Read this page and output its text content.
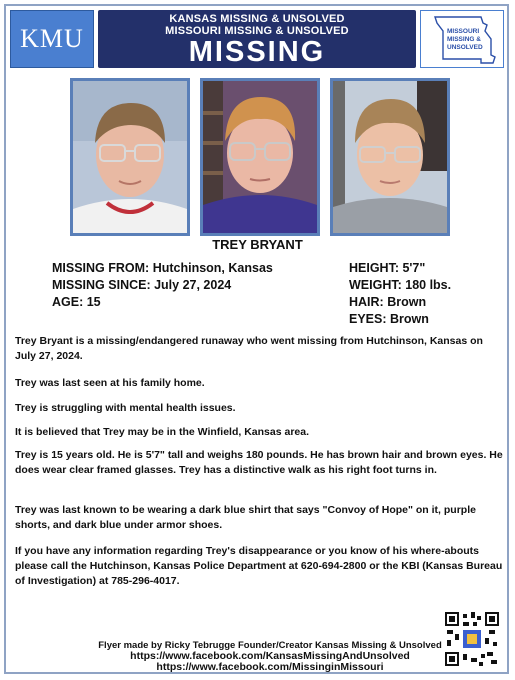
KMU
KANSAS MISSING & UNSOLVED
MISSOURI MISSING & UNSOLVED
MISSING
MISSOURI
MISSING &
UNSOLVED
TREY BRYANT
MISSING FROM: Hutchinson, Kansas
MISSING SINCE: July 27, 2024
AGE: 15
HEIGHT: 5'7"
WEIGHT: 180 lbs.
HAIR: Brown
EYES: Brown
Trey Bryant is a missing/endangered runaway who went missing from Hutchinson, Kansas on July 27, 2024.
Trey was last seen at his family home.
Trey is struggling with mental health issues.
It is believed that Trey may be in the Winfield, Kansas area.
Trey is 15 years old. He is 5'7" tall and weighs 180 pounds. He has brown hair and brown eyes. He does wear clear framed glasses. Trey has a distinctive walk as his right foot turns in.
Trey was last known to be wearing a dark blue shirt that says "Convoy of Hope" on it, purple shorts, and dark blue under armor shoes.
If you have any information regarding Trey's disappearance or you know of his where-abouts please call the Hutchinson, Kansas Police Department at 620-694-2800 or the KBI (Kansas Bureau of Investigation) at 785-296-4017.
Flyer made by Ricky Tebrugge Founder/Creator Kansas Missing & Unsolved
https://www.facebook.com/KansasMissingAndUnsolved
https://www.facebook.com/MissinginMissouri
